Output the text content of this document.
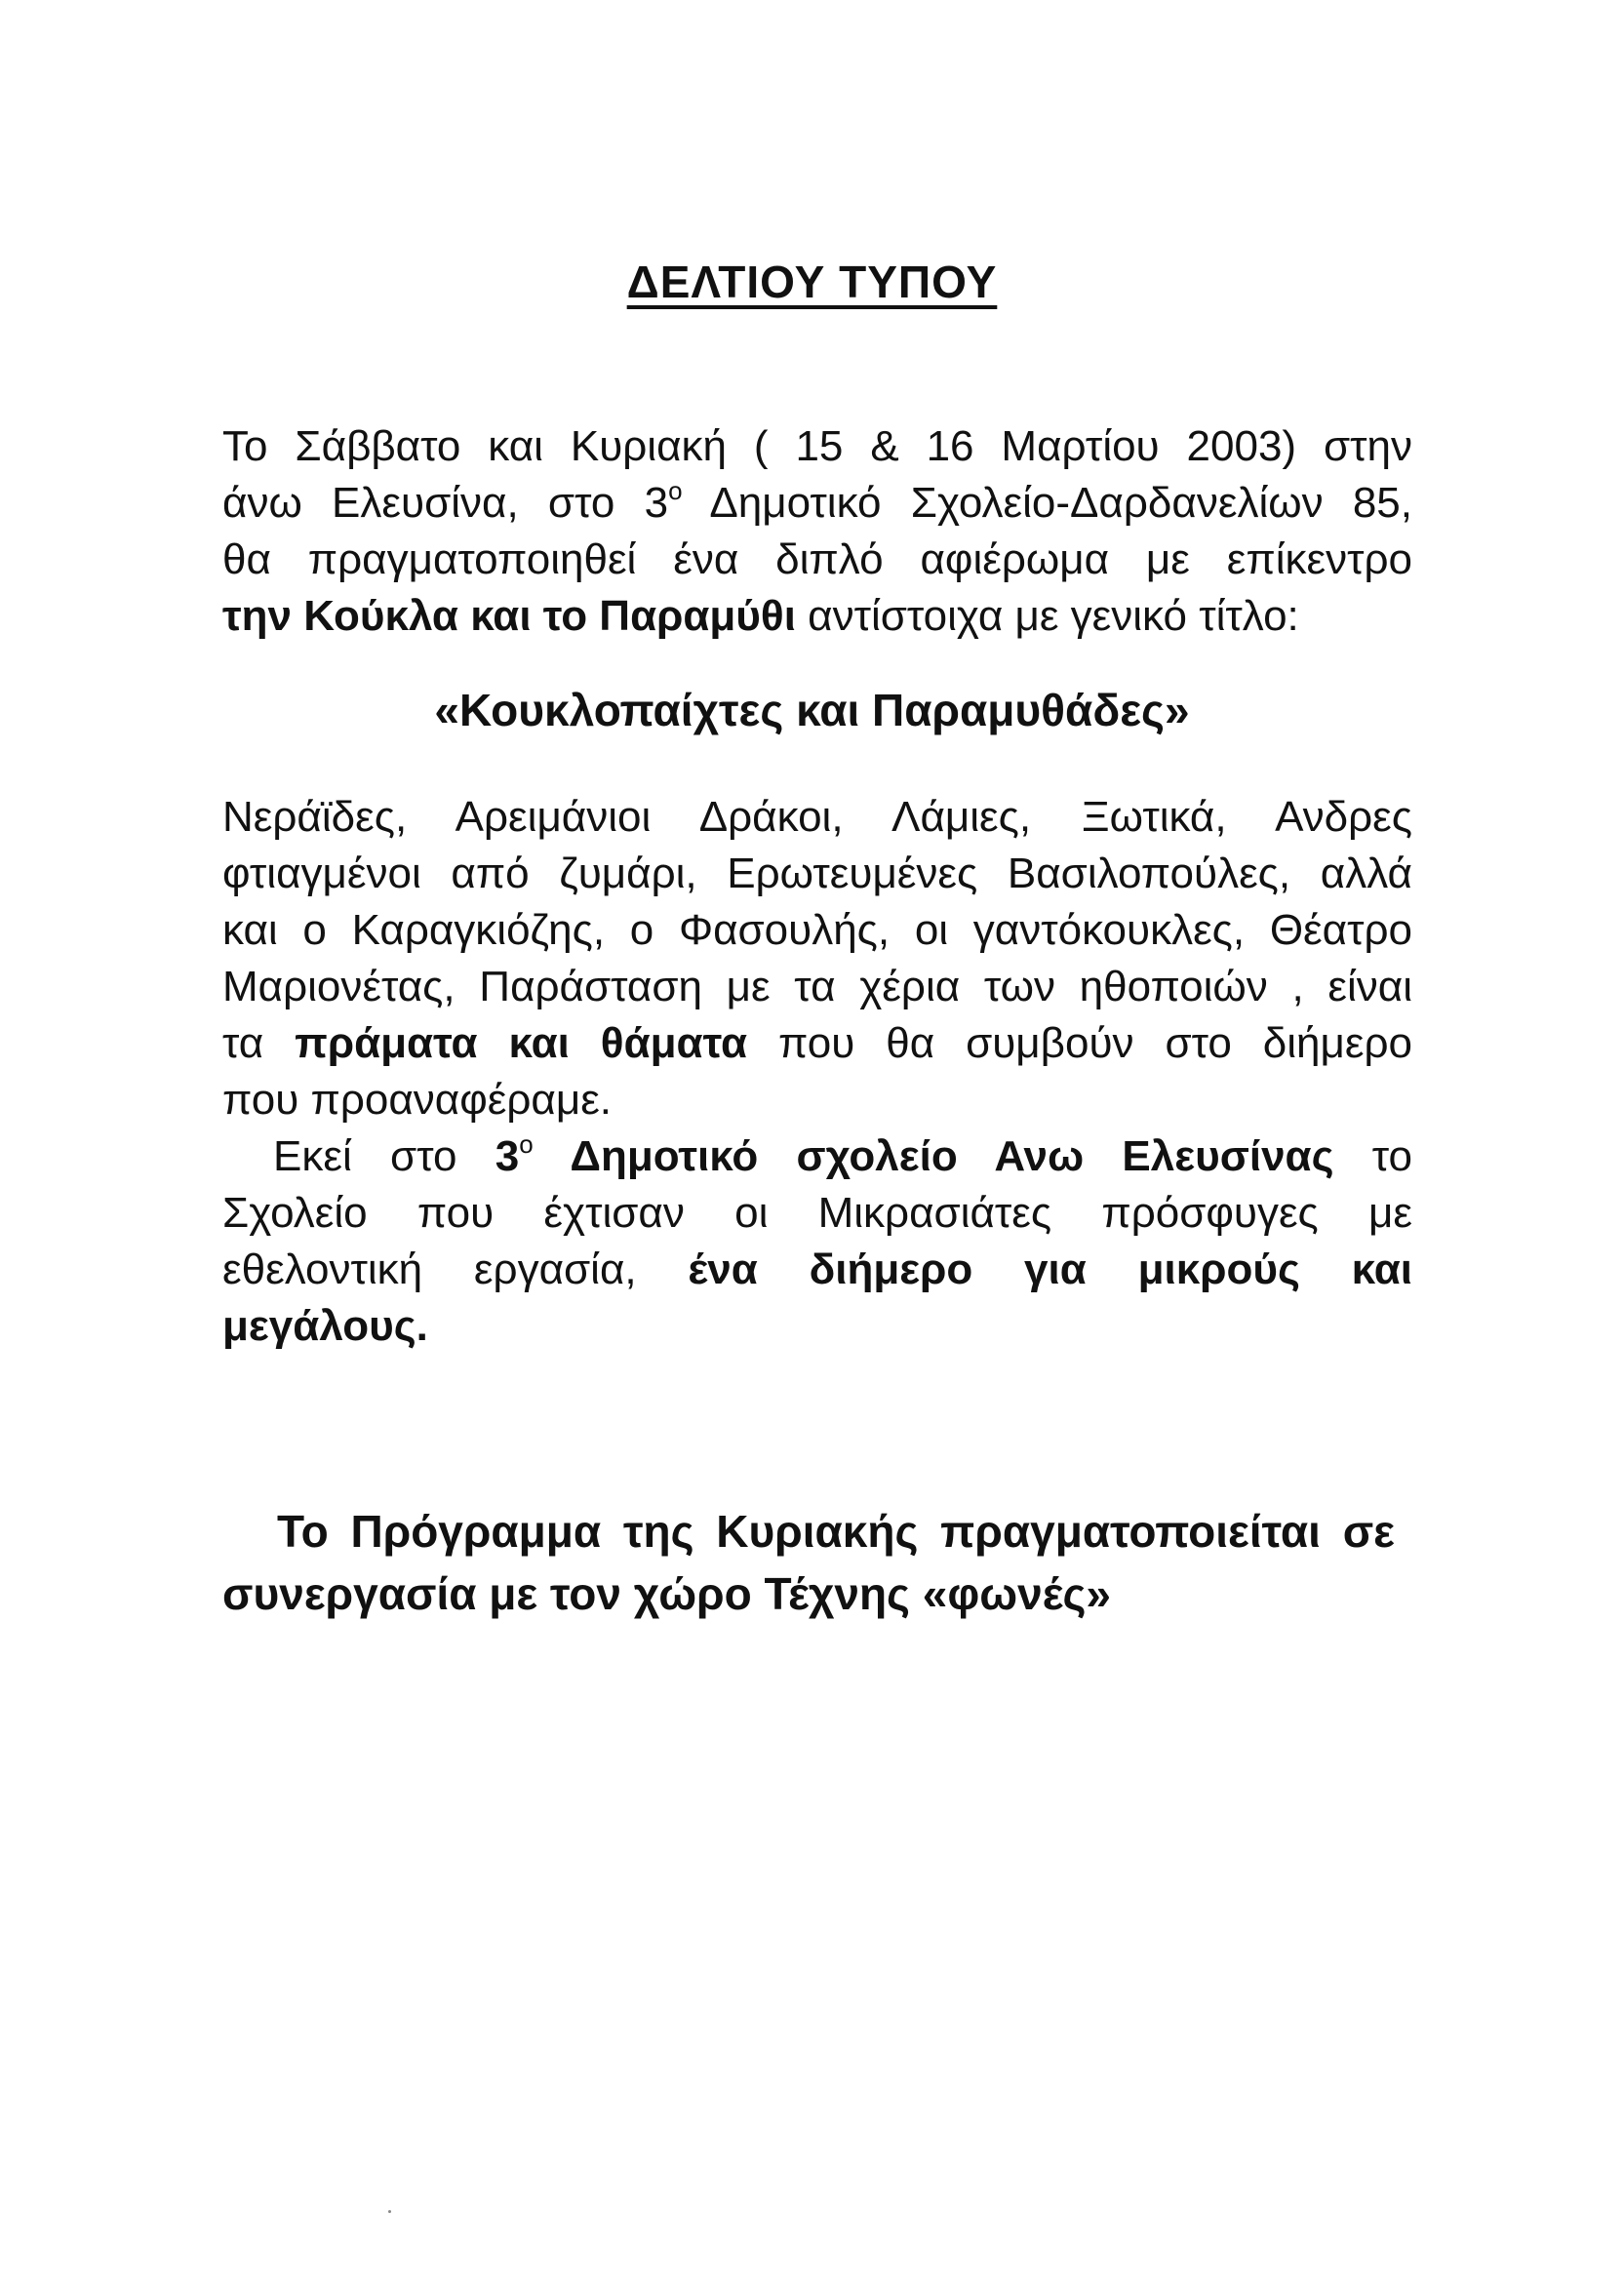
ΔΕΛΤΙΟΥ ΤΥΠΟΥ
Το Σάββατο και Κυριακή ( 15 & 16 Μαρτίου 2003) στην
άνω Ελευσίνα, στο $3^o$ Δημοτικό Σχολείο-Δαρδανελίων 85,
θα πραγματοποιηθεί ένα διπλό αφιέρωμα με επίκεντρο
την Κούκλα και το Παραμύθι αντίστοιχα με γενικό τίτλο:
«Κουκλοπαίχτες και Παραμυθάδες»
Νεράϊδες, Αρειμάνιοι Δράκοι, Λάμιες, Ξωτικά, Ανδρες
φτιαγμένοι από ζυμάρι, Ερωτευμένες Βασιλοπούλες, αλλά
και ο Καραγκιόζης, ο Φασουλής, οι γαντόκουκλες, Θέατρο
Μαριονέτας, Παράσταση με τα χέρια των ηθοποιών , είναι
τα πράματα και θάματα που θα συμβούν στο διήμερο
που προαναφέραμε.
Εκεί στο $3^o$ Δημοτικό σχολείο Ανω Ελευσίνας το
Σχολείο που έχτισαν οι Μικρασιάτες πρόσφυγες με
εθελοντική εργασία, ένα διήμερο για μικρούς και
μεγάλους.
Το Πρόγραμμα της Κυριακής πραγματοποιείται σε
συνεργασία με τον χώρο Τέχνης «φωνές»
